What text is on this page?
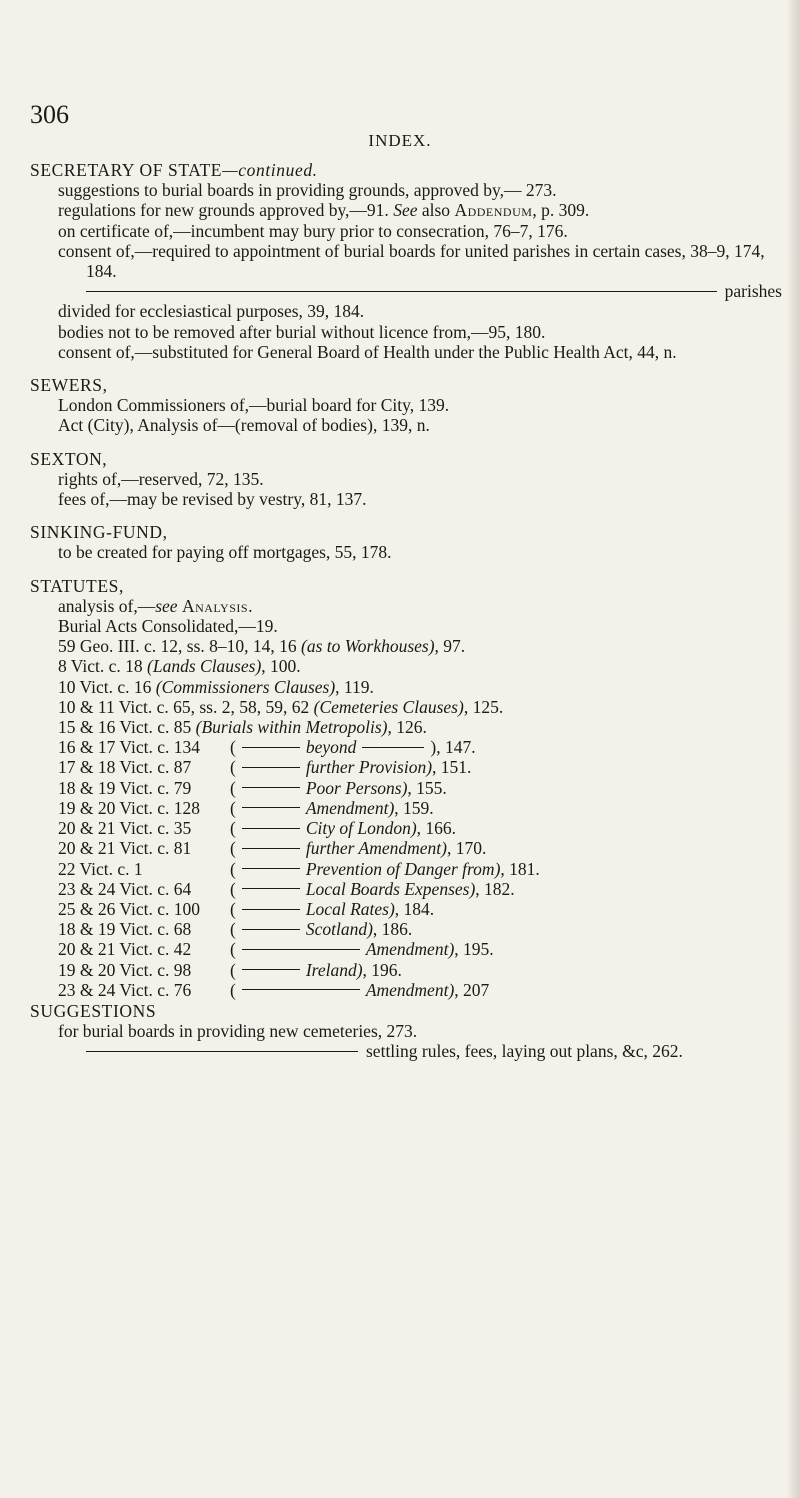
306
INDEX.
SECRETARY OF STATE—continued.
suggestions to burial boards in providing grounds, approved by,— 273.
regulations for new grounds approved by,—91. See also Addendum, p. 309.
on certificate of,—incumbent may bury prior to consecration, 76–7, 176.
consent of,—required to appointment of burial boards for united parishes in certain cases, 38–9, 174, 184.
parishes
divided for ecclesiastical purposes, 39, 184.
bodies not to be removed after burial without licence from,—95, 180.
consent of,—substituted for General Board of Health under the Public Health Act, 44, n.
SEWERS,
London Commissioners of,—burial board for City, 139.
Act (City), Analysis of—(removal of bodies), 139, n.
SEXTON,
rights of,—reserved, 72, 135.
fees of,—may be revised by vestry, 81, 137.
SINKING-FUND,
to be created for paying off mortgages, 55, 178.
STATUTES,
analysis of,—see Analysis.
Burial Acts Consolidated,—19.
59 Geo. III. c. 12, ss. 8–10, 14, 16 (as to Workhouses), 97.
8 Vict. c. 18 (Lands Clauses), 100.
10 Vict. c. 16 (Commissioners Clauses), 119.
10 & 11 Vict. c. 65, ss. 2, 58, 59, 62 (Cemeteries Clauses), 125.
15 & 16 Vict. c. 85 (Burials within Metropolis), 126.
16 & 17 Vict. c. 134	(	beyond	), 147.
17 & 18 Vict. c. 87	(	further Provision) , 151.
18 & 19 Vict. c. 79	(	Poor Persons) , 155.
19 & 20 Vict. c. 128	(	Amendment) , 159.
20 & 21 Vict. c. 35	(	City of London) , 166.
20 & 21 Vict. c. 81	(	further Amendment) , 170.
22 Vict. c. 1	(	Prevention of Danger from) , 181.
23 & 24 Vict. c. 64	(	Local Boards Expenses) , 182.
25 & 26 Vict. c. 100	(	Local Rates) , 184.
18 & 19 Vict. c. 68	(	Scotland) , 186.
20 & 21 Vict. c. 42	(	Amendment) , 195.
19 & 20 Vict. c. 98	(	Ireland) , 196.
23 & 24 Vict. c. 76	(	Amendment) , 207
SUGGESTIONS
for burial boards in providing new cemeteries, 273.
settling rules, fees, laying out plans, &c, 262.
